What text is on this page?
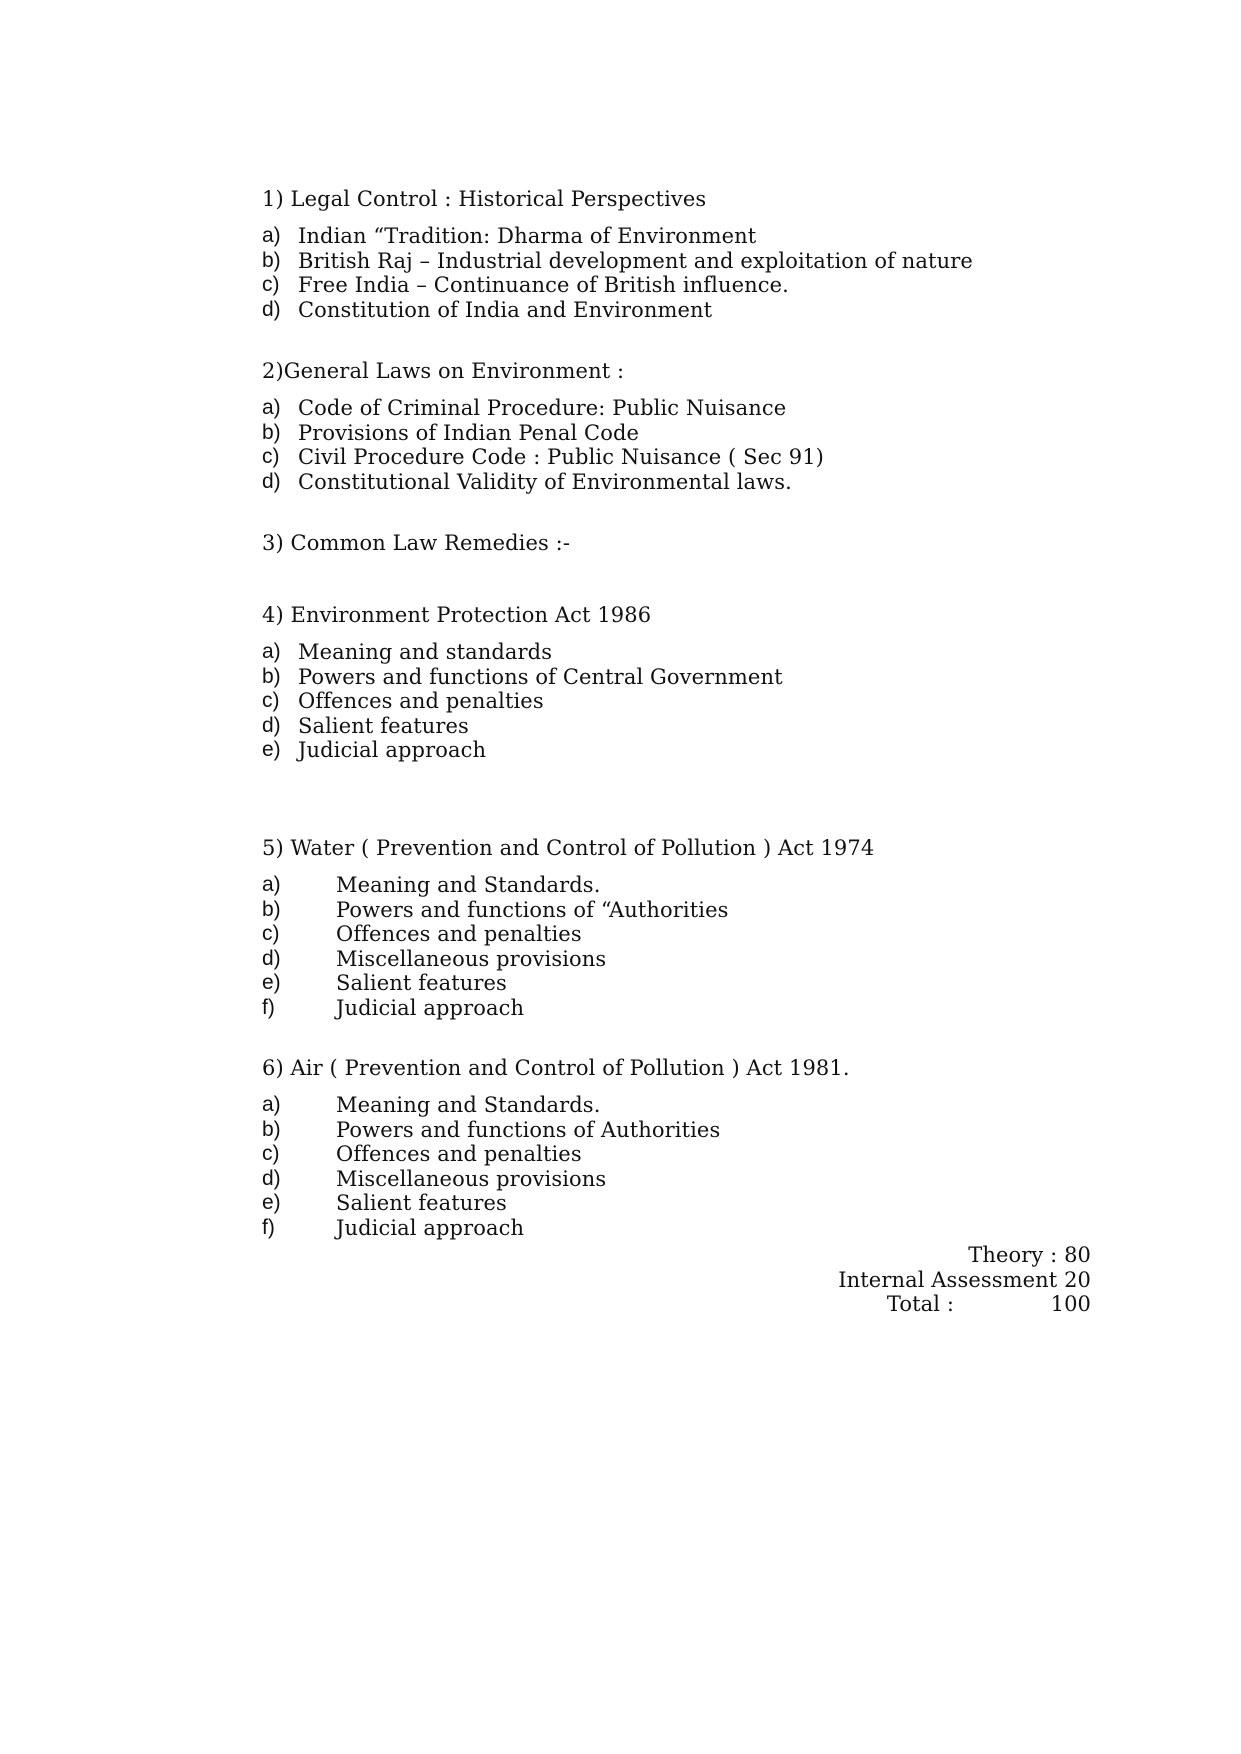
1) Legal Control : Historical Perspectives
a) Indian “Tradition: Dharma of Environment
b) British Raj – Industrial development and exploitation of nature
c) Free India – Continuance of British influence.
d) Constitution of India and Environment
2)General Laws on Environment :
a) Code of Criminal Procedure: Public Nuisance
b) Provisions of Indian Penal Code
c) Civil Procedure Code : Public Nuisance ( Sec 91)
d) Constitutional Validity of Environmental laws.
3) Common Law Remedies :-
4) Environment Protection Act 1986
a) Meaning and standards
b) Powers and functions of Central Government
c) Offences and penalties
d) Salient features
e) Judicial approach
5) Water ( Prevention and Control of Pollution ) Act 1974
a)	Meaning and Standards.
b)	Powers and functions of “Authorities
c)	Offences and penalties
d)	Miscellaneous provisions
e)	Salient features
f)	Judicial approach
6) Air ( Prevention and Control of Pollution ) Act 1981.
a)	Meaning and Standards.
b)	Powers and functions of Authorities
c)	Offences and penalties
d)	Miscellaneous provisions
e)	Salient features
f)	Judicial approach
Theory : 80
Internal Assessment 20
Total :	100
